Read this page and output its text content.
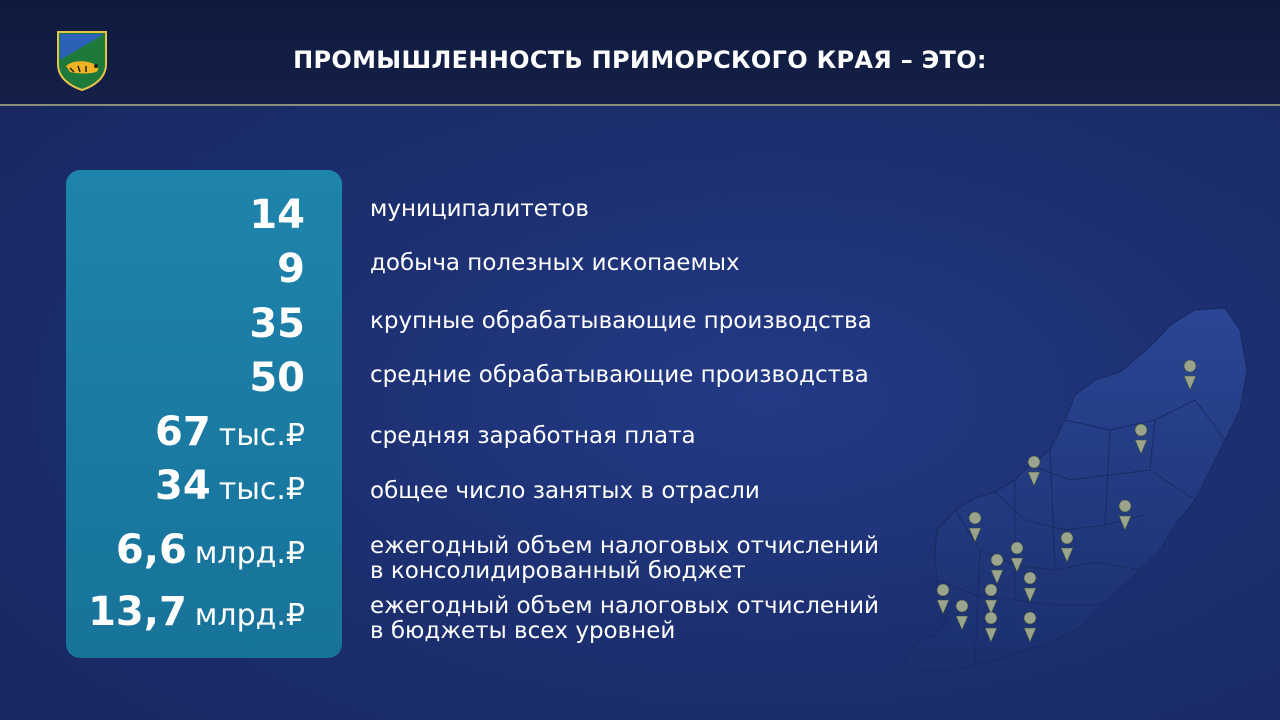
ПРОМЫШЛЕННОСТЬ ПРИМОРСКОГО КРАЯ – ЭТО:
14	муниципалитетов
9	добыча полезных ископаемых
35	крупные обрабатывающие производства
50	средние обрабатывающие производства
67 тыс.₽	средняя заработная плата
34 тыс.₽	общее число занятых в отрасли
6,6 млрд.₽	ежегодный объем налоговых отчислений
в консолидированный бюджет
13,7 млрд.₽	ежегодный объем налоговых отчислений
в бюджеты всех уровней
